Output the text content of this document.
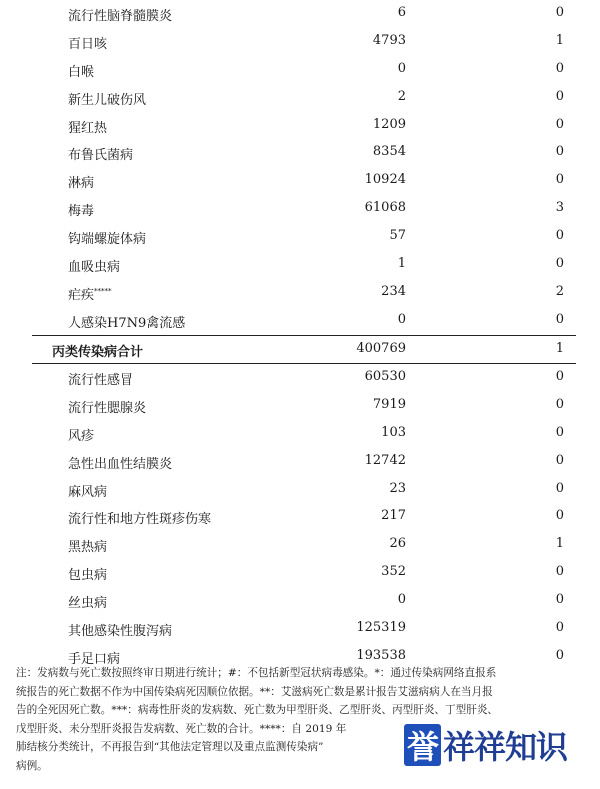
流行性脑脊髓膜炎	6	0
百日咳	4793	1
白喉	0	0
新生儿破伤风	2	0
猩红热	1209	0
布鲁氏菌病	8354	0
淋病	10924	0
梅毒	61068	3
钩端螺旋体病	57	0
血吸虫病	1	0
疟疾*****	234	2
人感染H7N9禽流感	0	0
丙类传染病合计	400769	1
流行性感冒	60530	0
流行性腮腺炎	7919	0
风疹	103	0
急性出血性结膜炎	12742	0
麻风病	23	0
流行性和地方性斑疹伤寒	217	0
黑热病	26	1
包虫病	352	0
丝虫病	0	0
其他感染性腹泻病	125319	0
手足口病	193538	0

注：发病数与死亡数按照终审日期进行统计；#：不包括新型冠状病毒感染。*：通过传染病网络直报系

统报告的死亡数据不作为中国传染病死因顺位依据。**：艾滋病死亡数是累计报告艾滋病病人在当月报

告的全死因死亡数。***：病毒性肝炎的发病数、死亡数为甲型肝炎、乙型肝炎、丙型肝炎、丁型肝炎、

戊型肝炎、未分型肝炎报告发病数、死亡数的合计。****：自 2019 年

肺结核分类统计，不再报告到“其他法定管理以及重点监测传染病”

病例。	誉 祥祥知识
